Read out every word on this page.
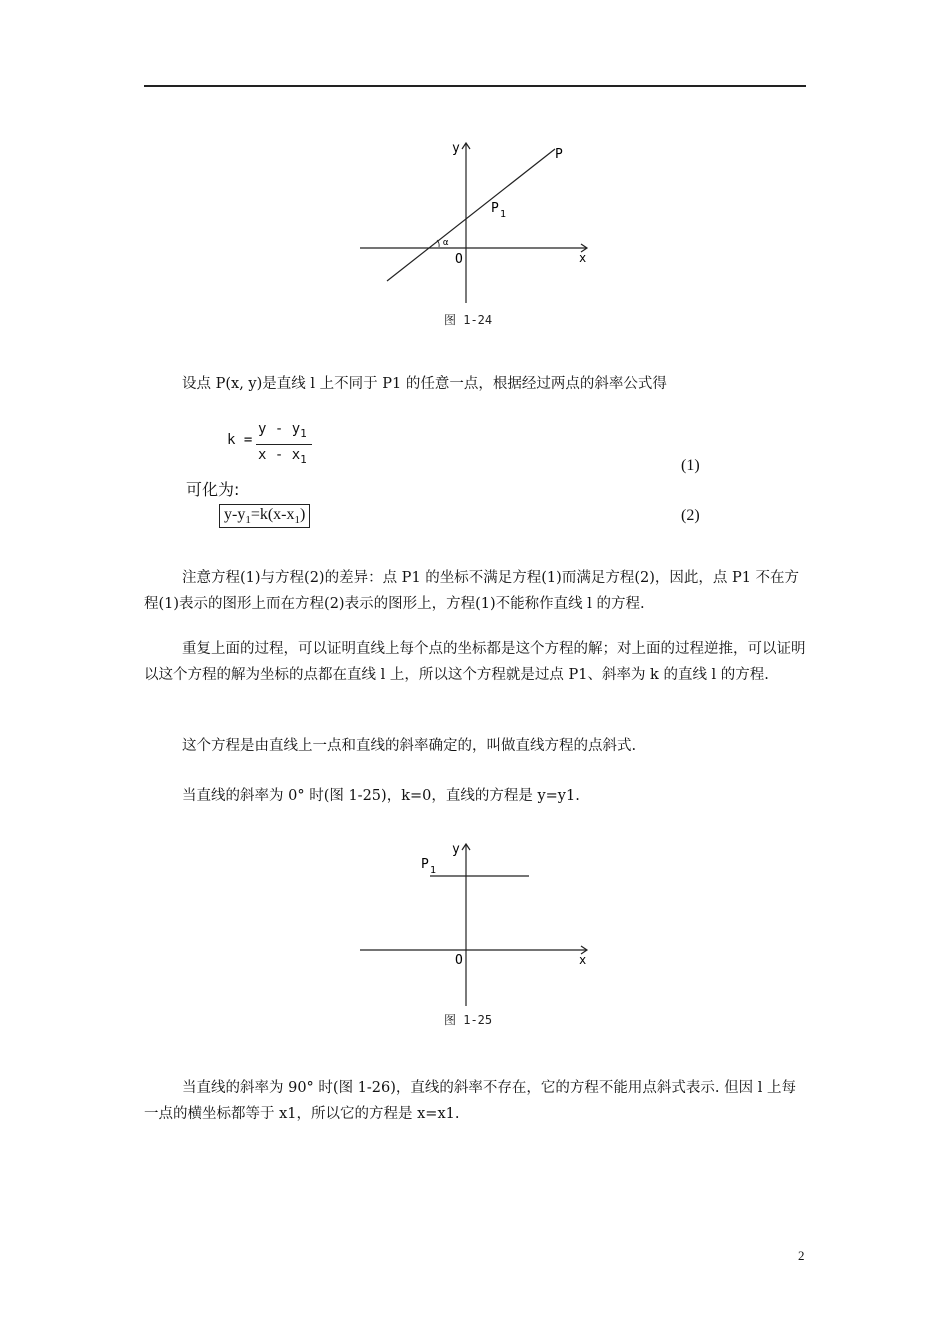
α
y
x
O
P
P 1
图 1-24
设点 P(x, y)是直线 l 上不同于 P1 的任意一点，根据经过两点的斜率公式得
k =
y - $y_1$
x - $x_1$	(1)
可化为:
$y-y_1=k(x-x_1)$	(2)
注意方程(1)与方程(2)的差异：点 P1 的坐标不满足方程(1)而满足方程(2)，因此，点 P1 不在方程(1)表示的图形上而在方程(2)表示的图形上，方程(1)不能称作直线 l 的方程.
重复上面的过程，可以证明直线上每个点的坐标都是这个方程的解；对上面的过程逆推，可以证明以这个方程的解为坐标的点都在直线 l 上，所以这个方程就是过点 P1、斜率为 k 的直线 l 的方程.
这个方程是由直线上一点和直线的斜率确定的，叫做直线方程的点斜式.
当直线的斜率为 0° 时(图 1-25)，k=0，直线的方程是 y=y1.
y
x
O
P 1
图 1-25
当直线的斜率为 90° 时(图 1-26)，直线的斜率不存在，它的方程不能用点斜式表示. 但因 l 上每一点的横坐标都等于 x1，所以它的方程是 x=x1.
2
